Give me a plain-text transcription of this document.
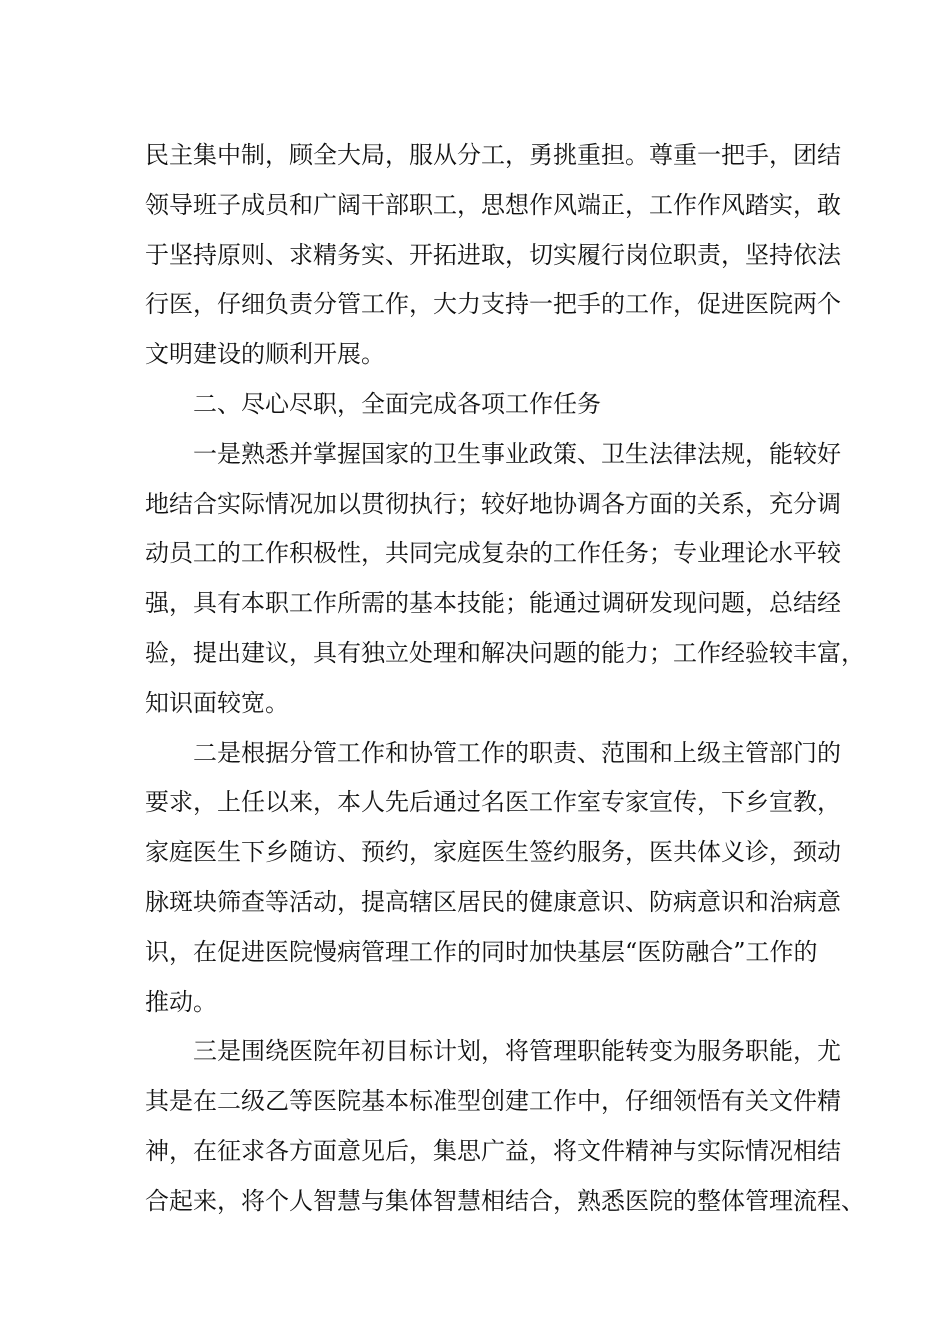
民主集中制，顾全大局，服从分工，勇挑重担。尊重一把手，团结
领导班子成员和广阔干部职工，思想作风端正，工作作风踏实，敢
于坚持原则、求精务实、开拓进取，切实履行岗位职责，坚持依法
行医，仔细负责分管工作，大力支持一把手的工作，促进医院两个
文明建设的顺利开展。
　　二、尽心尽职，全面完成各项工作任务
　　一是熟悉并掌握国家的卫生事业政策、卫生法律法规，能较好
地结合实际情况加以贯彻执行；较好地协调各方面的关系，充分调
动员工的工作积极性，共同完成复杂的工作任务；专业理论水平较
强，具有本职工作所需的基本技能；能通过调研发现问题，总结经
验，提出建议，具有独立处理和解决问题的能力；工作经验较丰富，
知识面较宽。
　　二是根据分管工作和协管工作的职责、范围和上级主管部门的
要求，上任以来，本人先后通过名医工作室专家宣传，下乡宣教，
家庭医生下乡随访、预约，家庭医生签约服务，医共体义诊，颈动
脉斑块筛查等活动，提高辖区居民的健康意识、防病意识和治病意
识，在促进医院慢病管理工作的同时加快基层“医防融合”工作的
推动。
　　三是围绕医院年初目标计划，将管理职能转变为服务职能，尤
其是在二级乙等医院基本标准型创建工作中，仔细领悟有关文件精
神，在征求各方面意见后，集思广益，将文件精神与实际情况相结
合起来，将个人智慧与集体智慧相结合，熟悉医院的整体管理流程、
